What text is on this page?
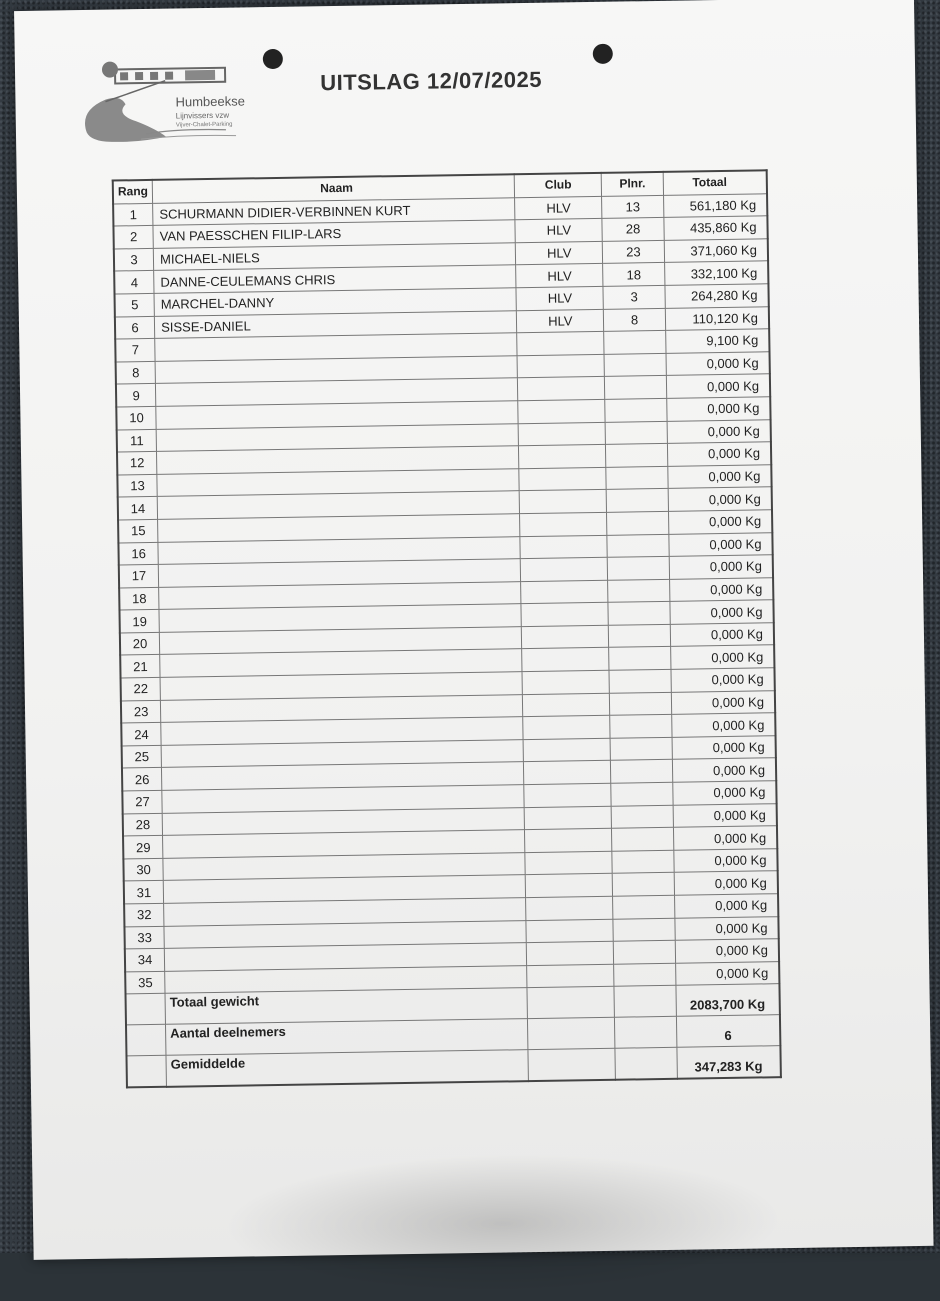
Humbeekse
Lijnvissers vzw
Vijver-Chalet-Parking
UITSLAG 12/07/2025
Rang	Naam	Club	Plnr.	Totaal
1	SCHURMANN DIDIER-VERBINNEN KURT	HLV	13	561,180 Kg
2	VAN PAESSCHEN FILIP-LARS	HLV	28	435,860 Kg
3	MICHAEL-NIELS	HLV	23	371,060 Kg
4	DANNE-CEULEMANS CHRIS	HLV	18	332,100 Kg
5	MARCHEL-DANNY	HLV	3	264,280 Kg
6	SISSE-DANIEL	HLV	8	110,120 Kg
7				9,100 Kg
8				0,000 Kg
9				0,000 Kg
10				0,000 Kg
11				0,000 Kg
12				0,000 Kg
13				0,000 Kg
14				0,000 Kg
15				0,000 Kg
16				0,000 Kg
17				0,000 Kg
18				0,000 Kg
19				0,000 Kg
20				0,000 Kg
21				0,000 Kg
22				0,000 Kg
23				0,000 Kg
24				0,000 Kg
25				0,000 Kg
26				0,000 Kg
27				0,000 Kg
28				0,000 Kg
29				0,000 Kg
30				0,000 Kg
31				0,000 Kg
32				0,000 Kg
33				0,000 Kg
34				0,000 Kg
35				0,000 Kg
	Totaal gewicht			2083,700 Kg
	Aantal deelnemers			6
	Gemiddelde			347,283 Kg
